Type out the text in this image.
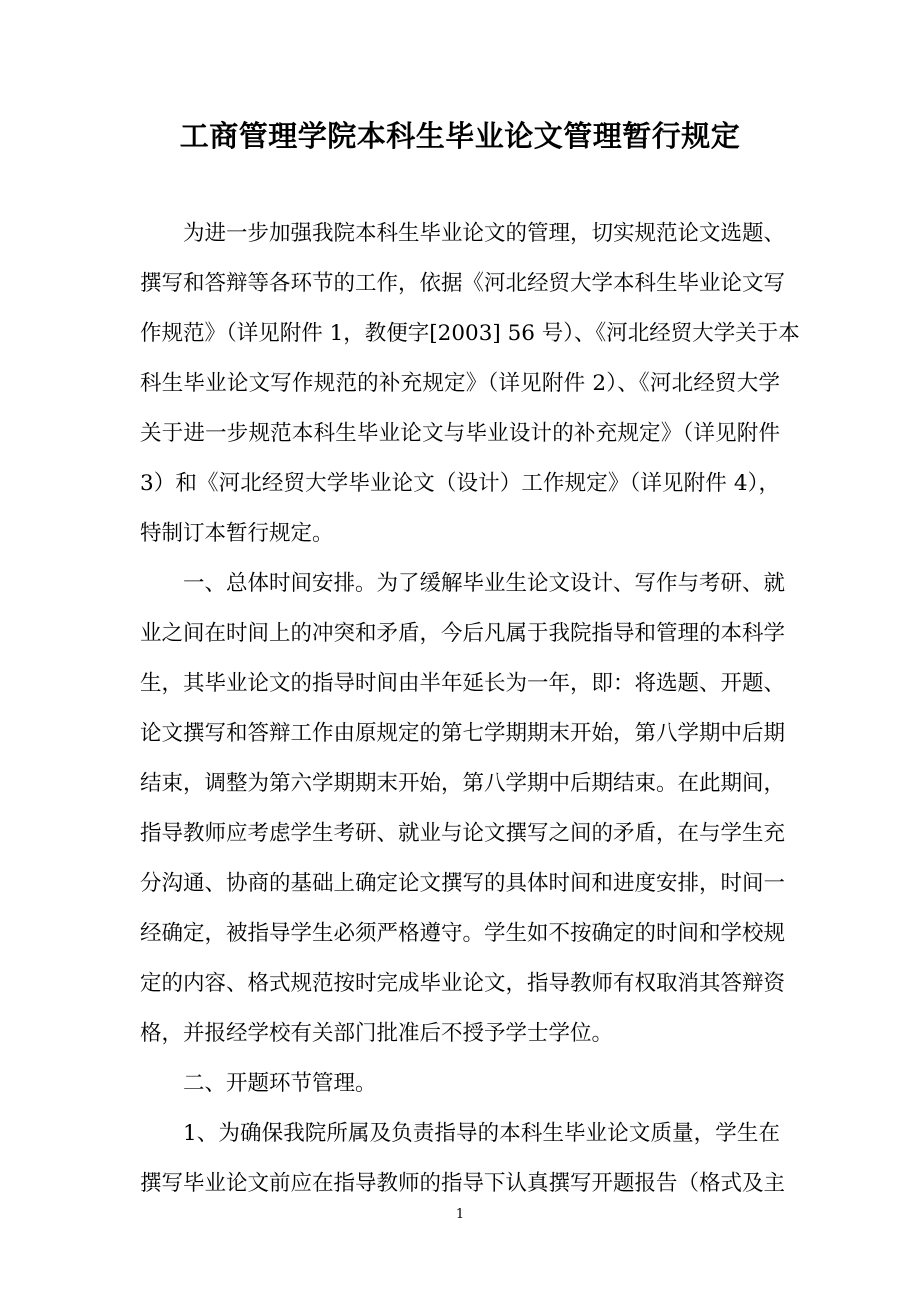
工商管理学院本科生毕业论文管理暂行规定
为进一步加强我院本科生毕业论文的管理，切实规范论文选题、
撰写和答辩等各环节的工作，依据《河北经贸大学本科生毕业论文写
作规范》（详见附件 1，教便字[2003] 56 号）、《河北经贸大学关于本
科生毕业论文写作规范的补充规定》（详见附件 2）、《河北经贸大学
关于进一步规范本科生毕业论文与毕业设计的补充规定》（详见附件
3）和《河北经贸大学毕业论文（设计）工作规定》（详见附件 4），
特制订本暂行规定。
一、总体时间安排。为了缓解毕业生论文设计、写作与考研、就
业之间在时间上的冲突和矛盾，今后凡属于我院指导和管理的本科学
生，其毕业论文的指导时间由半年延长为一年，即：将选题、开题、
论文撰写和答辩工作由原规定的第七学期期末开始，第八学期中后期
结束，调整为第六学期期末开始，第八学期中后期结束。在此期间，
指导教师应考虑学生考研、就业与论文撰写之间的矛盾，在与学生充
分沟通、协商的基础上确定论文撰写的具体时间和进度安排，时间一
经确定，被指导学生必须严格遵守。学生如不按确定的时间和学校规
定的内容、格式规范按时完成毕业论文，指导教师有权取消其答辩资
格，并报经学校有关部门批准后不授予学士学位。
二、开题环节管理。
1、为确保我院所属及负责指导的本科生毕业论文质量，学生在
撰写毕业论文前应在指导教师的指导下认真撰写开题报告（格式及主
1
